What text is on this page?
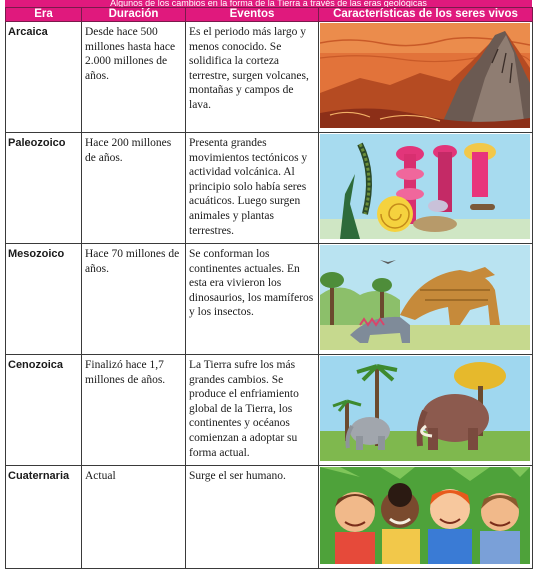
Algunos de los cambios en la forma de la Tierra a través de las eras geológicas
Era	Duración	Eventos	Características de los seres vivos
Arcaica	Desde hace 500 millones hasta hace 2.000 millones de años.	Es el periodo más largo y menos conocido. Se solidifica la corteza terrestre, surgen volcanes, montañas y campos de lava.	

Paleozoico	Hace 200 millones de años.	Presenta grandes movimientos tectónicos y actividad volcánica. Al principio solo había seres acuáticos. Luego surgen animales y plantas terrestres.	

Mesozoico	Hace 70 millones de años.	Se conforman los continentes actuales. En esta era vivieron los dinosaurios, los mamíferos y los insectos.	

Cenozoica	Finalizó hace 1,7 millones de años.	La Tierra sufre los más grandes cambios. Se produce el enfriamiento global de la Tierra, los continentes y océanos comienzan a adoptar su forma actual.	

Cuaternaria	Actual	Surge el ser humano.	
